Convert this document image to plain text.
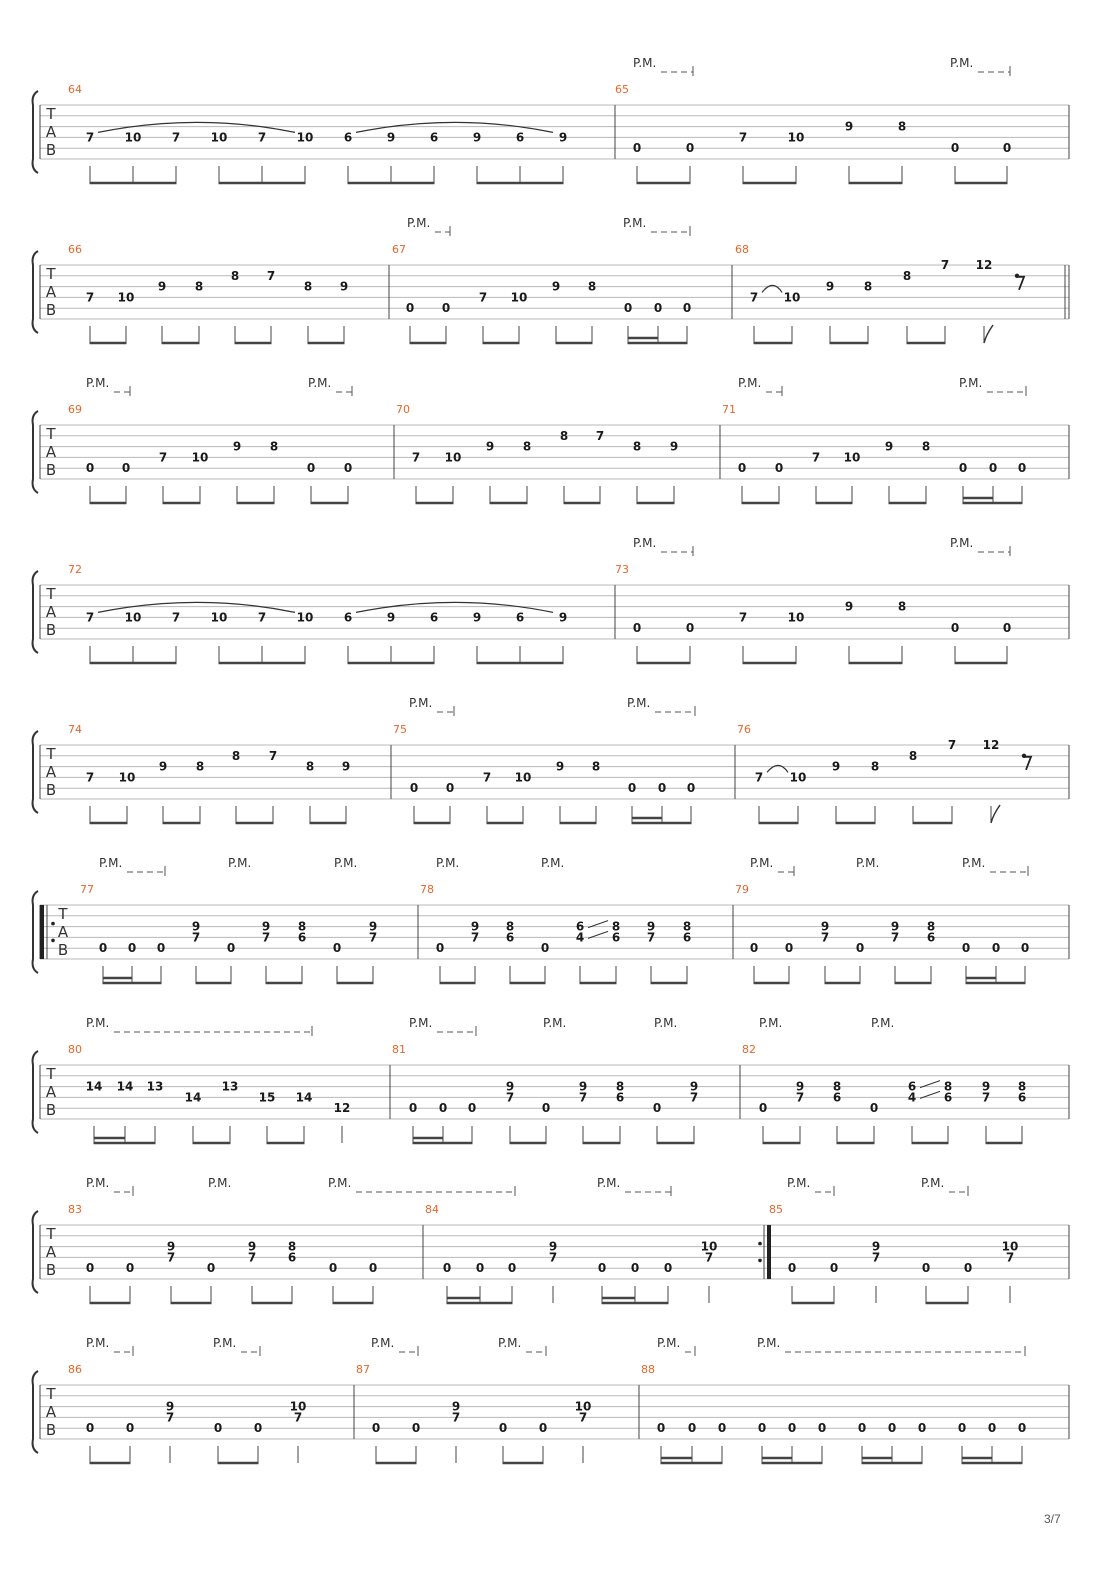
T
A
B
64	65
P.M.	P.M.
7	10	7	10	7	10	6	9	6	9	6	9
0	0
7	10
9	8
0	0
T
A
B
66	67	68
P.M.	P.M.
7 10
9 8
8 7
8 9
0 0
7 10
9 8
0 0 0
7 10
9 8
8
7 12
T
A
B
69	70	71
P.M.	P.M.	P.M.	P.M.
0 0
7 10
9 8
0 0
7 10
9 8
8 7
8 9
0 0
7 10
9 8
0 0 0
T
A
B
72	73
P.M.	P.M.
7	10	7	10	7	10	6	9	6	9	6	9
0	0
7	10
9	8
0	0
T
A
B
74	75	76
P.M.	P.M.
7 10
9 8
8 7
8 9
0 0
7 10
9 8
0 0 0
7 10
9	8
8
7 12
T
A
B
77	78	79
P.M.	P.M.	P.M.	P.M.	P.M.	P.M.	P.M.	P.M.
0 0 0
9
7
0
9
7
8
6
0
9
7
0
9
7
8
6
0
6
4
8
6
9
7
8
6
0 0
9
7
0
9
7
8
6
0 0 0
T
A
B
80	81	82
P.M.	P.M.	P.M.	P.M.	P.M.	P.M.
14 14 13
14
13
15 14
12	0 0 0
9
7
0
9
7
8
6
0
9
7
0
9
7
8
6
0
6
4
8
6
9
7
8
6
T
A
B
83	84	85
P.M.	P.M.	P.M.	P.M.	P.M.	P.M.
0	0
9
7
0
9
7
8
6
0	0	0 0 0
9
7
0 0 0
10
7
0	0
9
7
0	0
10
7
T
A
B
86	87	88
P.M.	P.M.	P.M.	P.M.	P.M.	P.M.
0	0
9
7
0	0
10
7
0	0
9
7
0	0
10
7
0 0 0	0 0 0	0 0 0	0 0 0
3/7
